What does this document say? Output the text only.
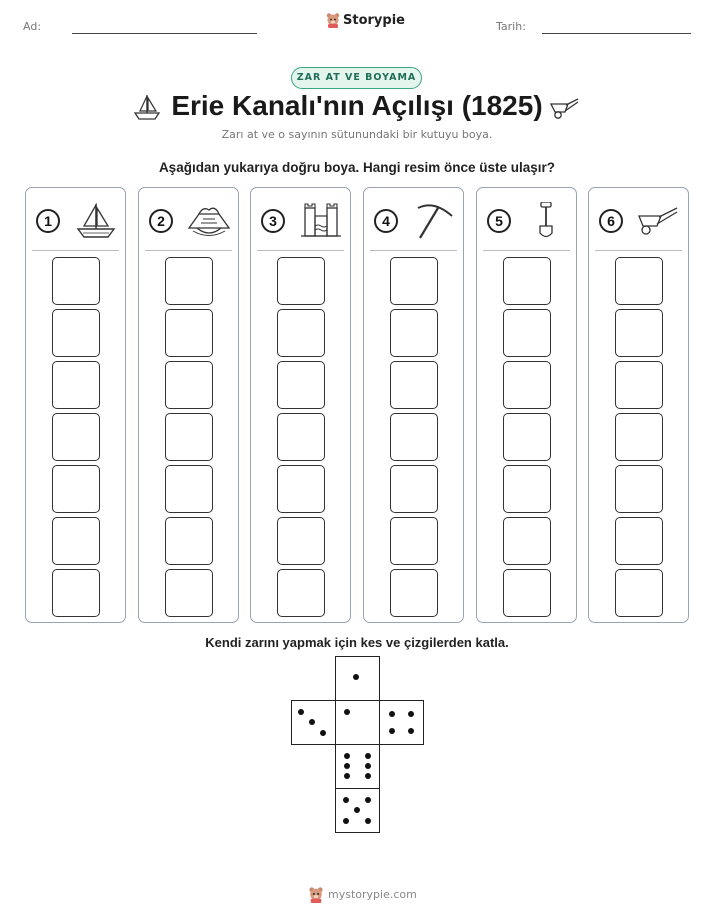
Ad:	Storypie	Tarih:
ZAR AT VE BOYAMA
Erie Kanalı'nın Açılışı (1825)
Zarı at ve o sayının sütunundaki bir kutuyu boya.
Aşağıdan yukarıya doğru boya. Hangi resim önce üste ulaşır?
1	2	3	4	5	6
Kendi zarını yapmak için kes ve çizgilerden katla.
mystorypie.com
